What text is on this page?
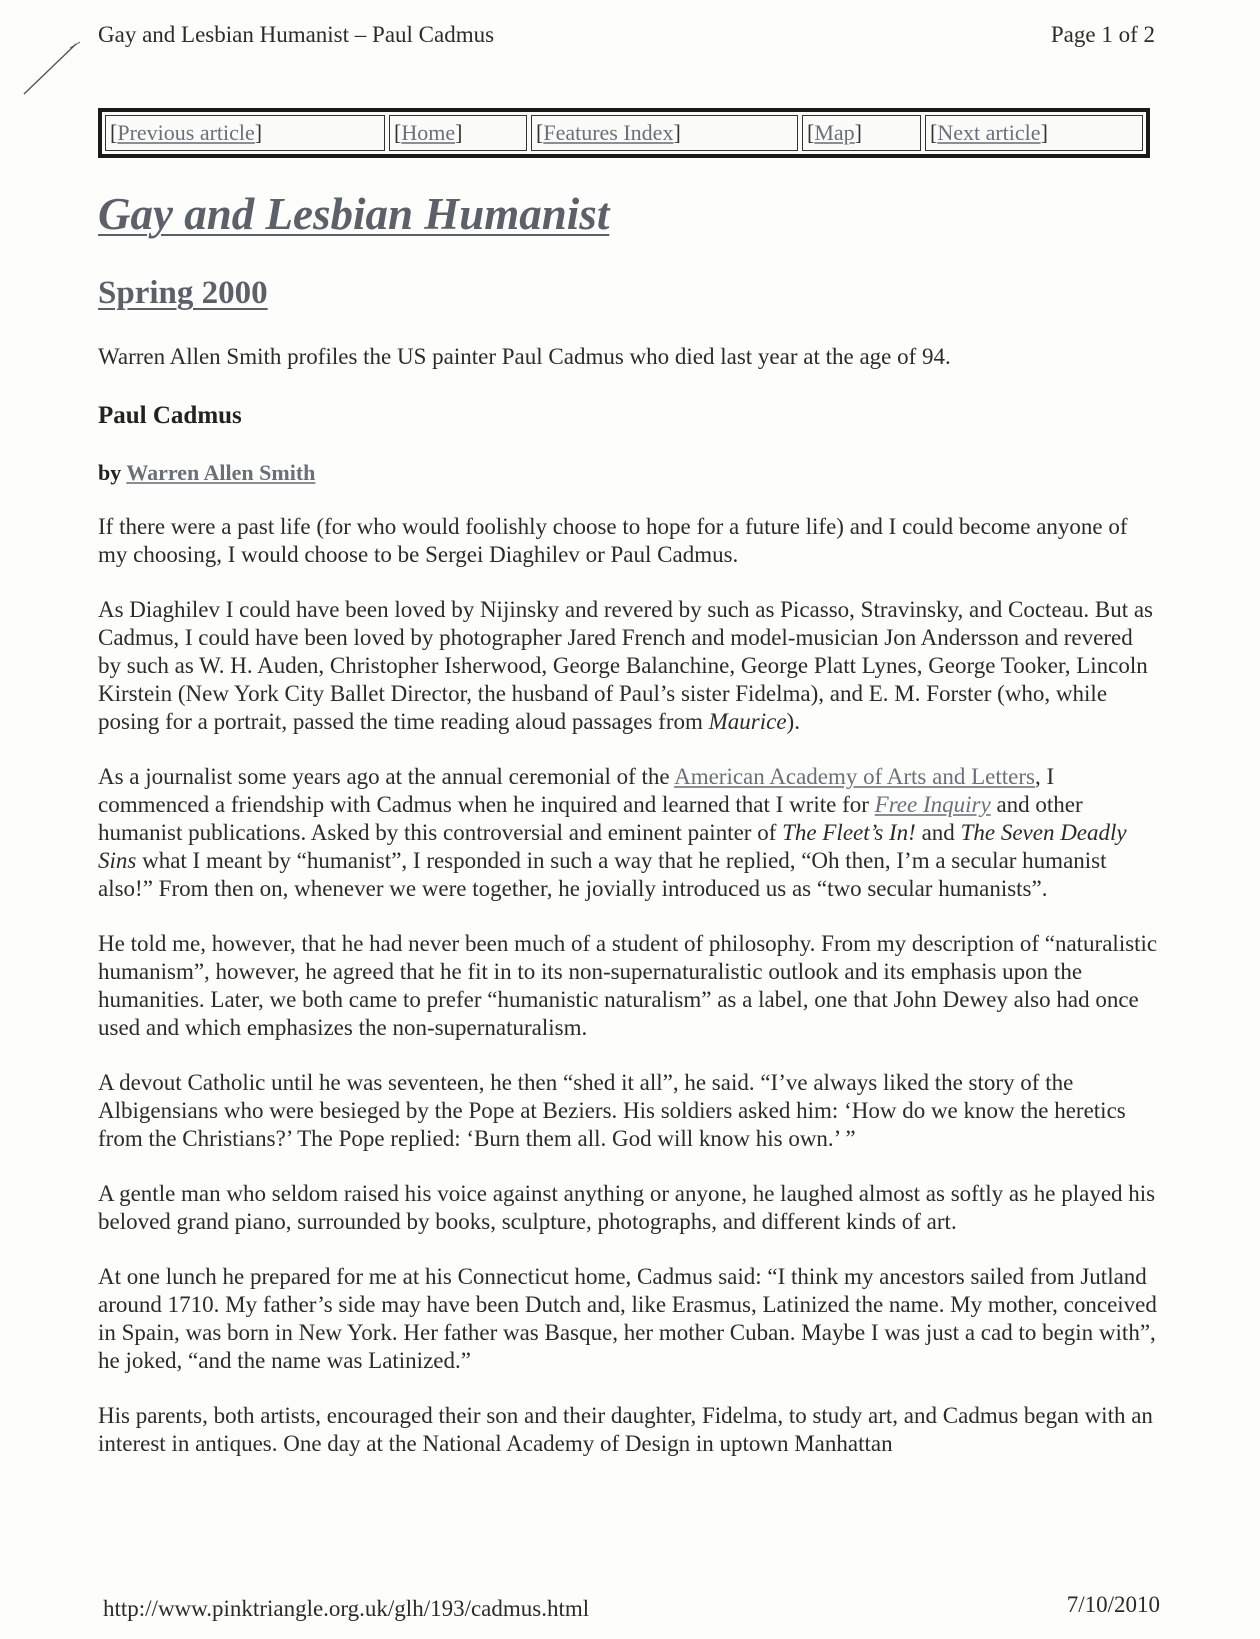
Gay and Lesbian Humanist – Paul Cadmus	Page 1 of 2
[ Previous article ]	[ Home ]	[ Features Index ]	[ Map ]	[ Next article ]
Gay and Lesbian Humanist
Spring 2000

Warren Allen Smith profiles the US painter Paul Cadmus who died last year at the age of 94.

Paul Cadmus

by Warren Allen Smith

If there were a past life (for who would foolishly choose to hope for a future life) and I could become anyone of my choosing, I would choose to be Sergei Diaghilev or Paul Cadmus.

As Diaghilev I could have been loved by Nijinsky and revered by such as Picasso, Stravinsky, and Cocteau. But as Cadmus, I could have been loved by photographer Jared French and model-musician Jon Andersson and revered by such as W. H. Auden, Christopher Isherwood, George Balanchine, George Platt Lynes, George Tooker, Lincoln Kirstein (New York City Ballet Director, the husband of Paul’s sister Fidelma), and E. M. Forster (who, while posing for a portrait, passed the time reading aloud passages from Maurice).

As a journalist some years ago at the annual ceremonial of the American Academy of Arts and Letters, I commenced a friendship with Cadmus when he inquired and learned that I write for Free Inquiry and other humanist publications. Asked by this controversial and eminent painter of The Fleet’s In! and The Seven Deadly Sins what I meant by “humanist”, I responded in such a way that he replied, “Oh then, I’m a secular humanist also!” From then on, whenever we were together, he jovially introduced us as “two secular humanists”.

He told me, however, that he had never been much of a student of philosophy. From my description of “naturalistic humanism”, however, he agreed that he fit in to its non-supernaturalistic outlook and its emphasis upon the humanities. Later, we both came to prefer “humanistic naturalism” as a label, one that John Dewey also had once used and which emphasizes the non-supernaturalism.

A devout Catholic until he was seventeen, he then “shed it all”, he said. “I’ve always liked the story of the Albigensians who were besieged by the Pope at Beziers. His soldiers asked him: ‘How do we know the heretics from the Christians?’ The Pope replied: ‘Burn them all. God will know his own.’ ”

A gentle man who seldom raised his voice against anything or anyone, he laughed almost as softly as he played his beloved grand piano, surrounded by books, sculpture, photographs, and different kinds of art.

At one lunch he prepared for me at his Connecticut home, Cadmus said: “I think my ancestors sailed from Jutland around 1710. My father’s side may have been Dutch and, like Erasmus, Latinized the name. My mother, conceived in Spain, was born in New York. Her father was Basque, her mother Cuban. Maybe I was just a cad to begin with”, he joked, “and the name was Latinized.”

His parents, both artists, encouraged their son and their daughter, Fidelma, to study art, and Cadmus began with an interest in antiques. One day at the National Academy of Design in uptown Manhattan

http://www.pinktriangle.org.uk/glh/193/cadmus.html	7/10/2010
